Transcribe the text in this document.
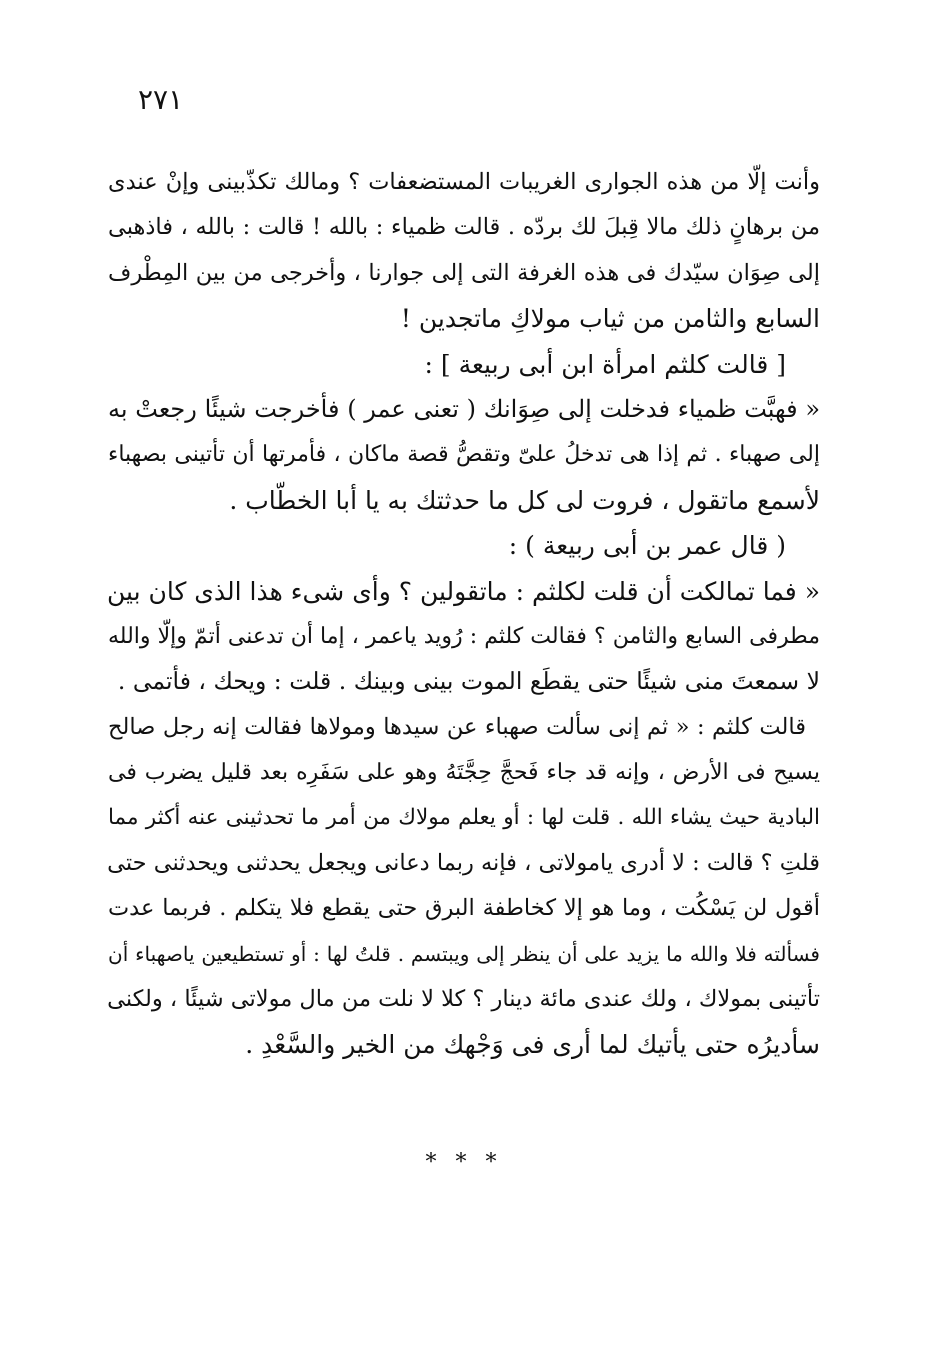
٢٧١
وأنت إلّا من هذه الجوارى الغريبات المستضعفات ؟ ومالك تكذّبينى وإنْ عندى
من برهانٍ ذلك مالا قِبلَ لك بردّه . قالت ظمياء : بالله ! قالت : بالله ، فاذهبى
إلى صِوَان سيّدك فى هذه الغرفة التى إلى جوارنا ، وأخرجى من بين المِطْرف
السابع والثامن من ثياب مولاكِ ماتجدين !
[ قالت كلثم امرأة ابن أبى ربيعة ] :
« فهبَّت ظمياء فدخلت إلى صِوَانك ( تعنى عمر ) فأخرجت شيئًا رجعتْ به
إلى صهباء . ثم إذا هى تدخلُ علىّ وتقصُّ قصة ماكان ، فأمرتها أن تأتينى بصهباء
لأسمع ماتقول ، فروت لى كل ما حدثتك به يا أبا الخطّاب .
( قال عمر بن أبى ربيعة ) :
« فما تمالكت أن قلت لكلثم : ماتقولين ؟ وأى شىء هذا الذى كان بين
مطرفى السابع والثامن ؟ فقالت كلثم : رُويد ياعمر ، إما أن تدعنى أتمّ وإلّا والله
لا سمعتَ منى شيئًا حتى يقطَع الموت بينى وبينك . قلت : ويحك ، فأتمى .
قالت كلثم : « ثم إنى سألت صهباء عن سيدها ومولاها فقالت إنه رجل صالح
يسيح فى الأرض ، وإنه قد جاء فَحجَّ حِجَّتَهُ وهو على سَفَرِه بعد قليل يضرب فى
البادية حيث يشاء الله . قلت لها : أو يعلم مولاك من أمر ما تحدثينى عنه أكثر مما
قلتِ ؟ قالت : لا أدرى يامولاتى ، فإنه ربما دعانى ويجعل يحدثنى ويحدثنى حتى
أقول لن يَسْكُت ، وما هو إلا كخاطفة البرق حتى يقطع فلا يتكلم . فربما عدت
فسألته فلا والله ما يزيد على أن ينظر إلى ويبتسم . قلتُ لها : أو تستطيعين ياصهباء أن
تأتينى بمولاك ، ولك عندى مائة دينار ؟ كلا لا نلت من مال مولاتى شيئًا ، ولكنى
سأديرُه حتى يأتيك لما أرى فى وَجْهك من الخير والسَّعْدِ .
* * *
